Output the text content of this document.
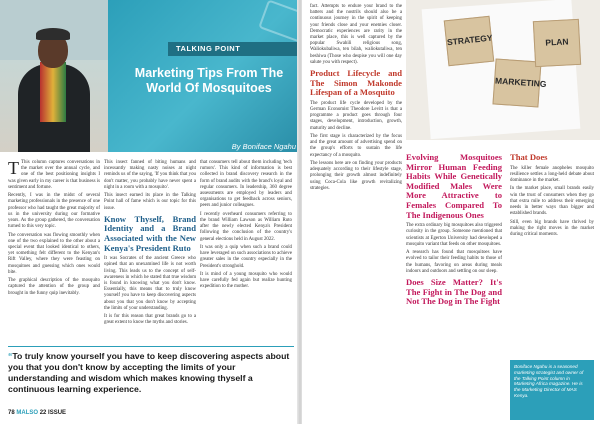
TALKING POINT
Marketing Tips From The World Of Mosquitoes
By Boniface Ngahu

T This column captures conversations in the market over the annual cycle, and one of the best positioning insights I was given early in my career is that business is sentiment and fortune.

Recently, I was in the midst of several marketing professionals in the presence of one professor who had taught the great majority of us in the university during our formative years. As the group gathered, the conversation turned to this very topic.

The conversation was flowing smoothly when one of the two explained to the other about a special event that looked identical to others, yet something felt different to the Kenyan's Rift Valley, where they were feasting on mosquitoes and guessing which ones would bite.

The graphical description of the mosquito captured the attention of the group and brought in the funny quip inevitably.

This insect fanned of biting humans and incessantly making nasty noises at night reminds us of the saying, 'If you think that you don't matter, you probably have never spent a night in a room with a mosquito'.

This insect earned its place in the Talking Point hall of fame which is our topic for this issue.

Know Thyself, Brand Identity and a Brand Associated with the New Kenya's President Ruto

It was Socrates of the ancient Greece who opined that an unexamined life is not worth living. This leads us to the concept of self-awareness in which he stated that true wisdom is found in knowing what you don't know. Essentially, this means that to truly know yourself you have to keep discovering aspects about you that you don't know by accepting the limits of your understanding.

It is for this reason that great brands go to a great extent to know the myths and stories.

that consumers tell about them including 'tech rumors'. This kind of information is best collected in brand discovery research in the form of brand audits with the brand's loyal and regular consumers. In leadership, 360 degree assessments are employed by leaders and organisations to get feedback across seniors, peers and junior colleagues.

I recently overheard consumers referring to the brand William Lawson as William Ruto after the newly elected Kenya's President following the conclusion of the country's general elections held in August 2022.

It was only a quip when such a brand could have leveraged on such associations to achieve greater sales in the country especially in the President's stronghold.

It is mind of a young mosquito who would have carefully fed again but realize hunting expedition to the mother.

“To truly know yourself you have to keep discovering aspects about you that you don't know by accepting the limits of your understanding and wisdom which makes knowing thyself a continuous learning experience.
78 MALSO 22 ISSUE

fact. Attempts to endure your brand to the batters and the nostrils should also be a continuous journey in the spirit of keeping your friends close and your enemies closer. Democratic experiences are rarity in the market place, this is well captured by the popular Swahili religious song, Waliokubaliwa, ten bilah, waliokutaliwa, ten beshiwa (Those who despise you will one day salute you with respect).

Product Lifecycle and The Simon Makonde Lifespan of a Mosquito

The product life cycle developed by the German Economist Theodore Levitt is that a programme a product goes through four stages, development, introduction, growth, maturity and decline.

The first stage is characterized by the focus and the great amount of advertising spend on the group's efforts to sustain the life expectancy of a mosquito.

The lessons here are on finding your products adequately according to their lifestyle stage, prolonging their growth almost indefinitely using Coca-Cola like growth revitalizing strategies.

STRATEGY
MARKETING
PLAN
Evolving Mosquitoes Mirror Human Feeding Habits While Genetically Modified Males Were More Attractive to Females Compared To The Indigenous Ones

The extra ordinary big mosquitoes also triggered curiosity in the group. Someone mentioned that scientists at Egerton University had developed a mosquito variant that feeds on other mosquitoes.

A research has found that mosquitoes have evolved to tailor their feeding habits to those of the humans, favoring on areas during meals indoors and outdoors and settling on our sleep.

Does Size Matter? It's The Fight in The Dog and Not The Dog in The Fight
That Does

The killer female anopheles mosquito resilience settles a long-held debate about dominance in the market.

In the market place, small brands easily win the trust of consumers when they go that extra mile to address their emerging needs in better ways than bigger and established brands.

Still, even big brands have thrived by making the right moves in the market during critical moments.

Boniface Ngahu is a seasoned marketing strategist and owner of the Talking Point column in Marketing Africa magazine. He is the Marketing Director of MAS Kenya.
